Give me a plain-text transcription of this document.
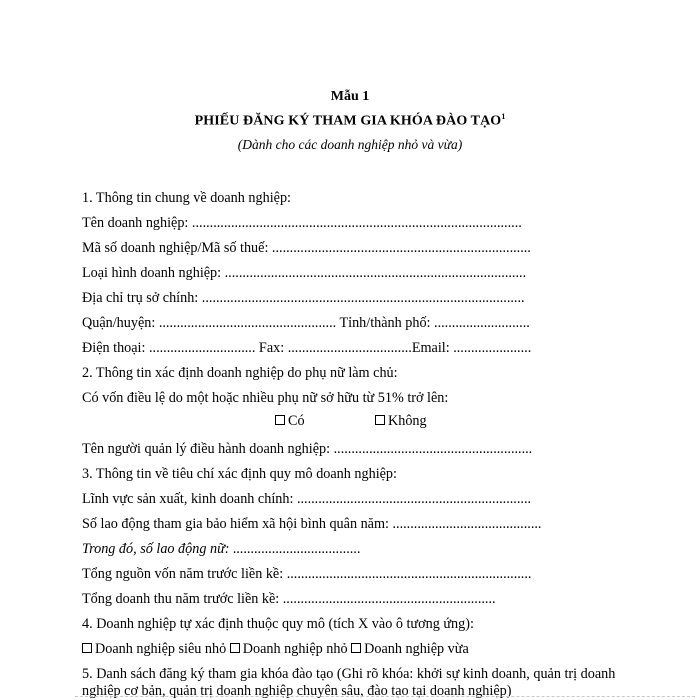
Mẫu 1
PHIẾU ĐĂNG KÝ THAM GIA KHÓA ĐÀO TẠO$^1$
(Dành cho các doanh nghiệp nhỏ và vừa)
1. Thông tin chung về doanh nghiệp:
Tên doanh nghiệp: .............................................................................................
Mã số doanh nghiệp/Mã số thuế: .........................................................................
Loại hình doanh nghiệp: .....................................................................................
Địa chỉ trụ sở chính: ...........................................................................................
Quận/huyện: .................................................. Tỉnh/thành phố: ...........................
Điện thoại: .............................. Fax: ...................................Email: ......................
2. Thông tin xác định doanh nghiệp do phụ nữ làm chủ:
Có vốn điều lệ do một hoặc nhiều phụ nữ sở hữu từ 51% trở lên:
Có	Không
Tên người quản lý điều hành doanh nghiệp: ........................................................
3. Thông tin về tiêu chí xác định quy mô doanh nghiệp:
Lĩnh vực sản xuất, kinh doanh chính: ..................................................................
Số lao động tham gia bảo hiểm xã hội bình quân năm: ..........................................
Trong đó, số lao động nữ: ....................................
Tổng nguồn vốn năm trước liền kề: .....................................................................
Tổng doanh thu năm trước liền kề: ............................................................
4. Doanh nghiệp tự xác định thuộc quy mô (tích X vào ô tương ứng):
Doanh nghiệp siêu nhỏ Doanh nghiệp nhỏ Doanh nghiệp vừa
5. Danh sách đăng ký tham gia khóa đào tạo (Ghi rõ khóa: khởi sự kinh doanh, quản trị doanh
nghiệp cơ bản, quản trị doanh nghiệp chuyên sâu, đào tạo tại doanh nghiệp)
